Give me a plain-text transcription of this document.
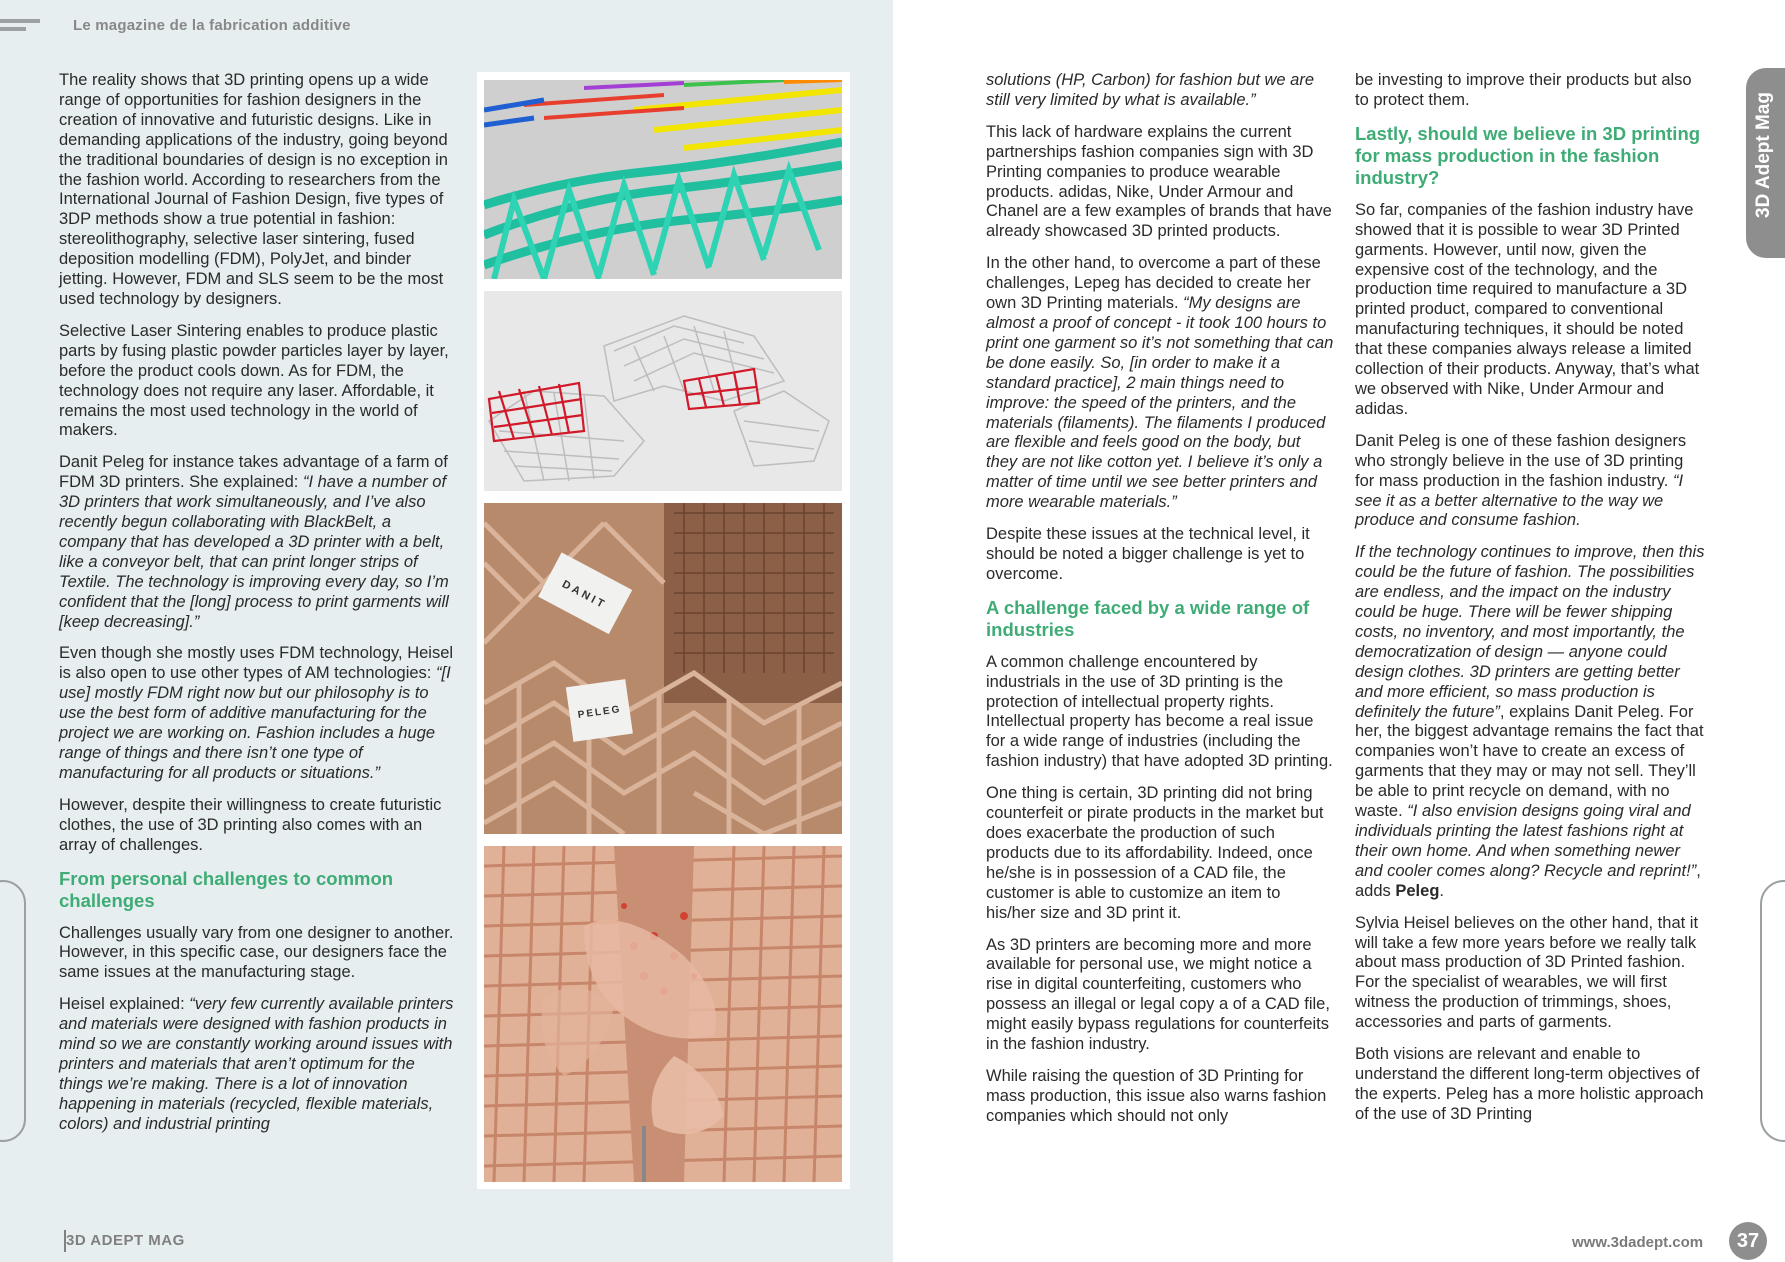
Le magazine de la fabrication additive

The reality shows that 3D printing opens up a wide range of opportunities for fashion designers in the creation of innovative and futuristic designs. Like in demanding applications of the industry, going beyond the traditional boundaries of design is no exception in the fashion world. According to researchers from the International Journal of Fashion Design, five types of 3DP methods show a true potential in fashion: stereolithography, selective laser sintering, fused deposition modelling (FDM), PolyJet, and binder jetting. However, FDM and SLS seem to be the most used technology by designers.

Selective Laser Sintering enables to produce plastic parts by fusing plastic powder particles layer by layer, before the product cools down. As for FDM, the technology does not require any laser. Affordable, it remains the most used technology in the world of makers.

Danit Peleg for instance takes advantage of a farm of FDM 3D printers. She explained: “I have a number of 3D printers that work simultaneously, and I’ve also recently begun collaborating with BlackBelt, a company that has developed a 3D printer with a belt, like a conveyor belt, that can print longer strips of Textile. The technology is improving every day, so I’m confident that the [long] process to print garments will [keep decreasing].”

Even though she mostly uses FDM technology, Heisel is also open to use other types of AM technologies: “[I use] mostly FDM right now but our philosophy is to use the best form of additive manufacturing for the project we are working on. Fashion includes a huge range of things and there isn’t one type of manufacturing for all products or situations.”

However, despite their willingness to create futuristic clothes, the use of 3D printing also comes with an array of challenges.

From personal challenges to common challenges

Challenges usually vary from one designer to another. However, in this specific case, our designers face the same issues at the manufacturing stage.

Heisel explained: “very few currently available printers and materials were designed with fashion products in mind so we are constantly working around issues with printers and materials that aren’t optimum for the things we’re making. There is a lot of innovation happening in materials (recycled, flexible materials, colors) and industrial printing

DANIT
PELEG

solutions (HP, Carbon) for fashion but we are still very limited by what is available.”

This lack of hardware explains the current partnerships fashion companies sign with 3D Printing companies to produce wearable products. adidas, Nike, Under Armour and Chanel are a few examples of brands that have already showcased 3D printed products.

In the other hand, to overcome a part of these challenges, Lepeg has decided to create her own 3D Printing materials. “My designs are almost a proof of concept - it took 100 hours to print one garment so it’s not something that can be done easily. So, [in order to make it a standard practice], 2 main things need to improve: the speed of the printers, and the materials (filaments). The filaments I produced are flexible and feels good on the body, but they are not like cotton yet. I believe it’s only a matter of time until we see better printers and more wearable materials.”

Despite these issues at the technical level, it should be noted a bigger challenge is yet to overcome.

A challenge faced by a wide range of industries

A common challenge encountered by industrials in the use of 3D printing is the protection of intellectual property rights. Intellectual property has become a real issue for a wide range of industries (including the fashion industry) that have adopted 3D printing.

One thing is certain, 3D printing did not bring counterfeit or pirate products in the market but does exacerbate the production of such products due to its affordability. Indeed, once he/she is in possession of a CAD file, the customer is able to customize an item to his/her size and 3D print it.

As 3D printers are becoming more and more available for personal use, we might notice a rise in digital counterfeiting, customers who possess an illegal or legal copy a of a CAD file, might easily bypass regulations for counterfeits in the fashion industry.

While raising the question of 3D Printing for mass production, this issue also warns fashion companies which should not only

be investing to improve their products but also to protect them.

Lastly, should we believe in 3D printing for mass production in the fashion industry?

So far, companies of the fashion industry have showed that it is possible to wear 3D Printed garments. However, until now, given the expensive cost of the technology, and the production time required to manufacture a 3D printed product, compared to conventional manufacturing techniques, it should be noted that these companies always release a limited collection of their products. Anyway, that’s what we observed with Nike, Under Armour and adidas.

Danit Peleg is one of these fashion designers who strongly believe in the use of 3D printing for mass production in the fashion industry. “I see it as a better alternative to the way we produce and consume fashion.

If the technology continues to improve, then this could be the future of fashion. The possibilities are endless, and the impact on the industry could be huge. There will be fewer shipping costs, no inventory, and most importantly, the democratization of design — anyone could design clothes. 3D printers are getting better and more efficient, so mass production is definitely the future”, explains Danit Peleg. For her, the biggest advantage remains the fact that companies won’t have to create an excess of garments that they may or may not sell. They’ll be able to print recycle on demand, with no waste. “I also envision designs going viral and individuals printing the latest fashions right at their own home. And when something newer and cooler comes along? Recycle and reprint!”, adds Peleg.

Sylvia Heisel believes on the other hand, that it will take a few more years before we really talk about mass production of 3D Printed fashion. For the specialist of wearables, we will first witness the production of trimmings, shoes, accessories and parts of garments.

Both visions are relevant and enable to understand the different long-term objectives of the experts. Peleg has a more holistic approach of the use of 3D Printing

3D Adept Mag
3D ADEPT MAG	www.3dadept.com	37
